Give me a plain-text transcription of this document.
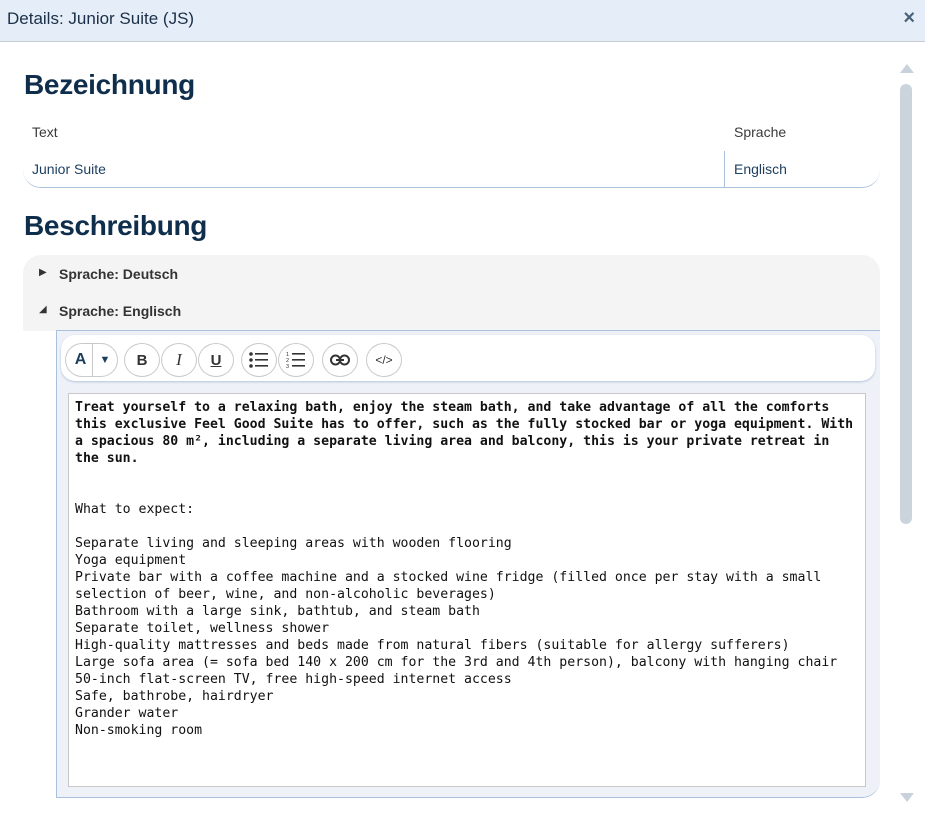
Details: Junior Suite (JS)	×
Bezeichnung
Text	Sprache
Junior Suite	Englisch
Beschreibung
▶ Sprache: Deutsch
◢ Sprache: Englisch
A ▼ B I U	1
2
3	</>
Treat yourself to a relaxing bath, enjoy the steam bath, and take advantage of all the comforts this exclusive Feel Good Suite has to offer, such as the fully stocked bar or yoga equipment. With a spacious 80 m², including a separate living area and balcony, this is your private retreat in the sun.
What to expect:
Separate living and sleeping areas with wooden flooring
Yoga equipment
Private bar with a coffee machine and a stocked wine fridge (filled once per stay with a small selection of beer, wine, and non-alcoholic beverages)
Bathroom with a large sink, bathtub, and steam bath
Separate toilet, wellness shower
High-quality mattresses and beds made from natural fibers (suitable for allergy sufferers)
Large sofa area (= sofa bed 140 x 200 cm for the 3rd and 4th person), balcony with hanging chair
50-inch flat-screen TV, free high-speed internet access
Safe, bathrobe, hairdryer
Grander water
Non-smoking room
